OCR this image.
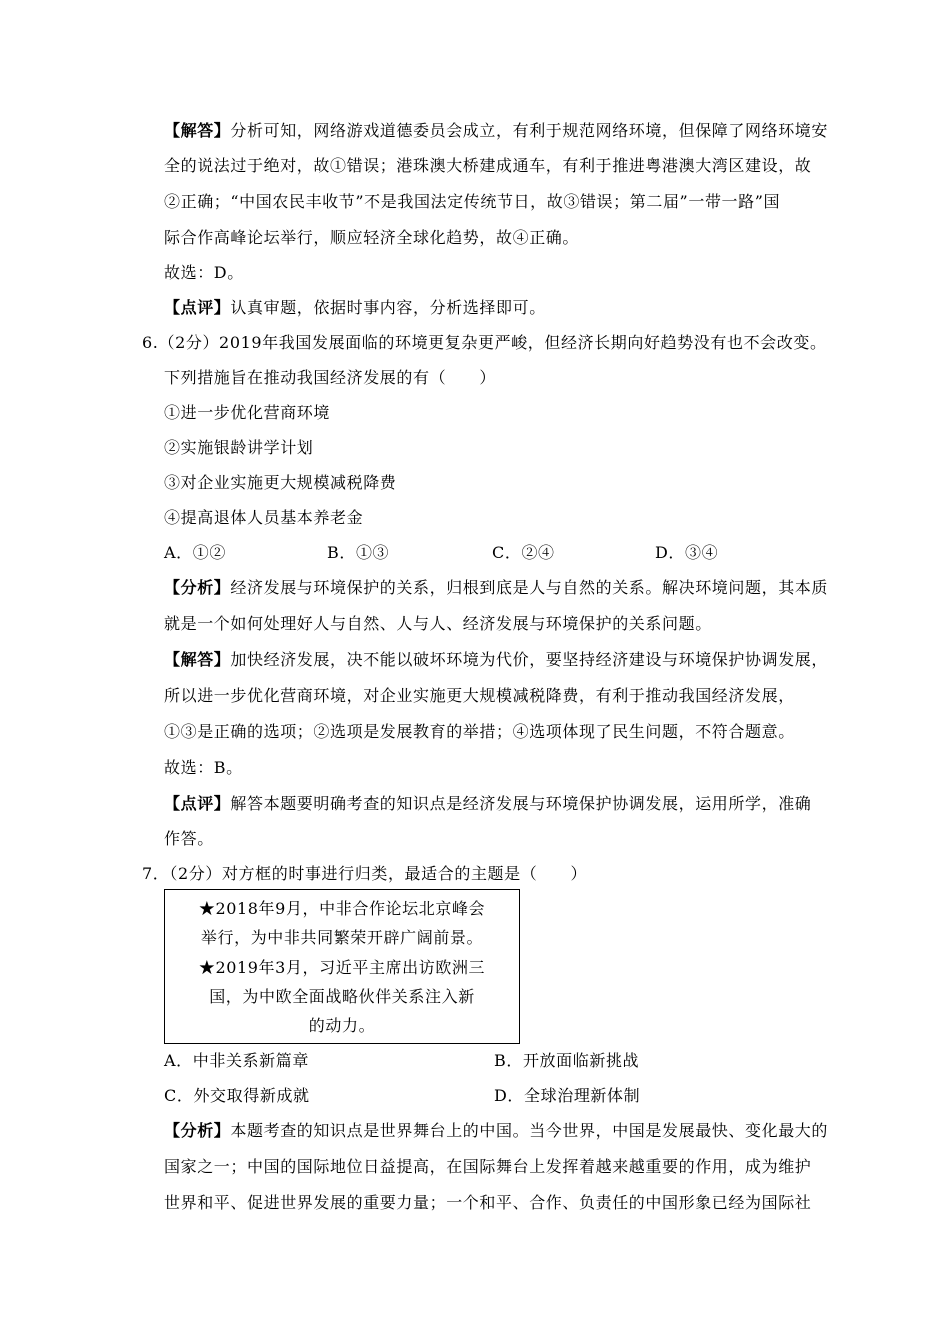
【解答】分析可知，网络游戏道德委员会成立，有利于规范网络环境，但保障了网络环境安
全的说法过于绝对，故①错误；港珠澳大桥建成通车，有利于推进粤港澳大湾区建设，故
②正确；“中国农民丰收节”不是我国法定传统节日，故③错误；第二届”一带一路”国
际合作高峰论坛举行，顺应轻济全球化趋势，故④正确。
故选：D。
【点评】认真审题，依据时事内容，分析选择即可。
6.（2分）2019年我国发展面临的环境更复杂更严峻，但经济长期向好趋势没有也不会改变。
下列措施旨在推动我国经济发展的有（　　）
①进一步优化营商环境
②实施银龄讲学计划
③对企业实施更大规模减税降费
④提高退体人员基本养老金
A．①②	B．①③	C．②④	D．③④
【分析】经济发展与环境保护的关系，归根到底是人与自然的关系。解决环境问题，其本质
就是一个如何处理好人与自然、人与人、经济发展与环境保护的关系问题。
【解答】加快经济发展，决不能以破坏环境为代价，要坚持经济建设与环境保护协调发展，
所以进一步优化营商环境，对企业实施更大规模减税降费，有利于推动我国经济发展，
①③是正确的选项；②选项是发展教育的举措；④选项体现了民生问题，不符合题意。
故选：B。
【点评】解答本题要明确考查的知识点是经济发展与环境保护协调发展，运用所学，准确
作答。
7．（2分）对方框的时事进行归类，最适合的主题是（　　）
★2018年9月，中非合作论坛北京峰会
举行，为中非共同繁荣开辟广阔前景。
★2019年3月，习近平主席出访欧洲三
国，为中欧全面战略伙伴关系注入新
的动力。
A．中非关系新篇章	B．开放面临新挑战
C．外交取得新成就	D．全球治理新体制
【分析】本题考查的知识点是世界舞台上的中国。当今世界，中国是发展最快、变化最大的
国家之一；中国的国际地位日益提高，在国际舞台上发挥着越来越重要的作用，成为维护
世界和平、促进世界发展的重要力量；一个和平、合作、负责任的中国形象已经为国际社
